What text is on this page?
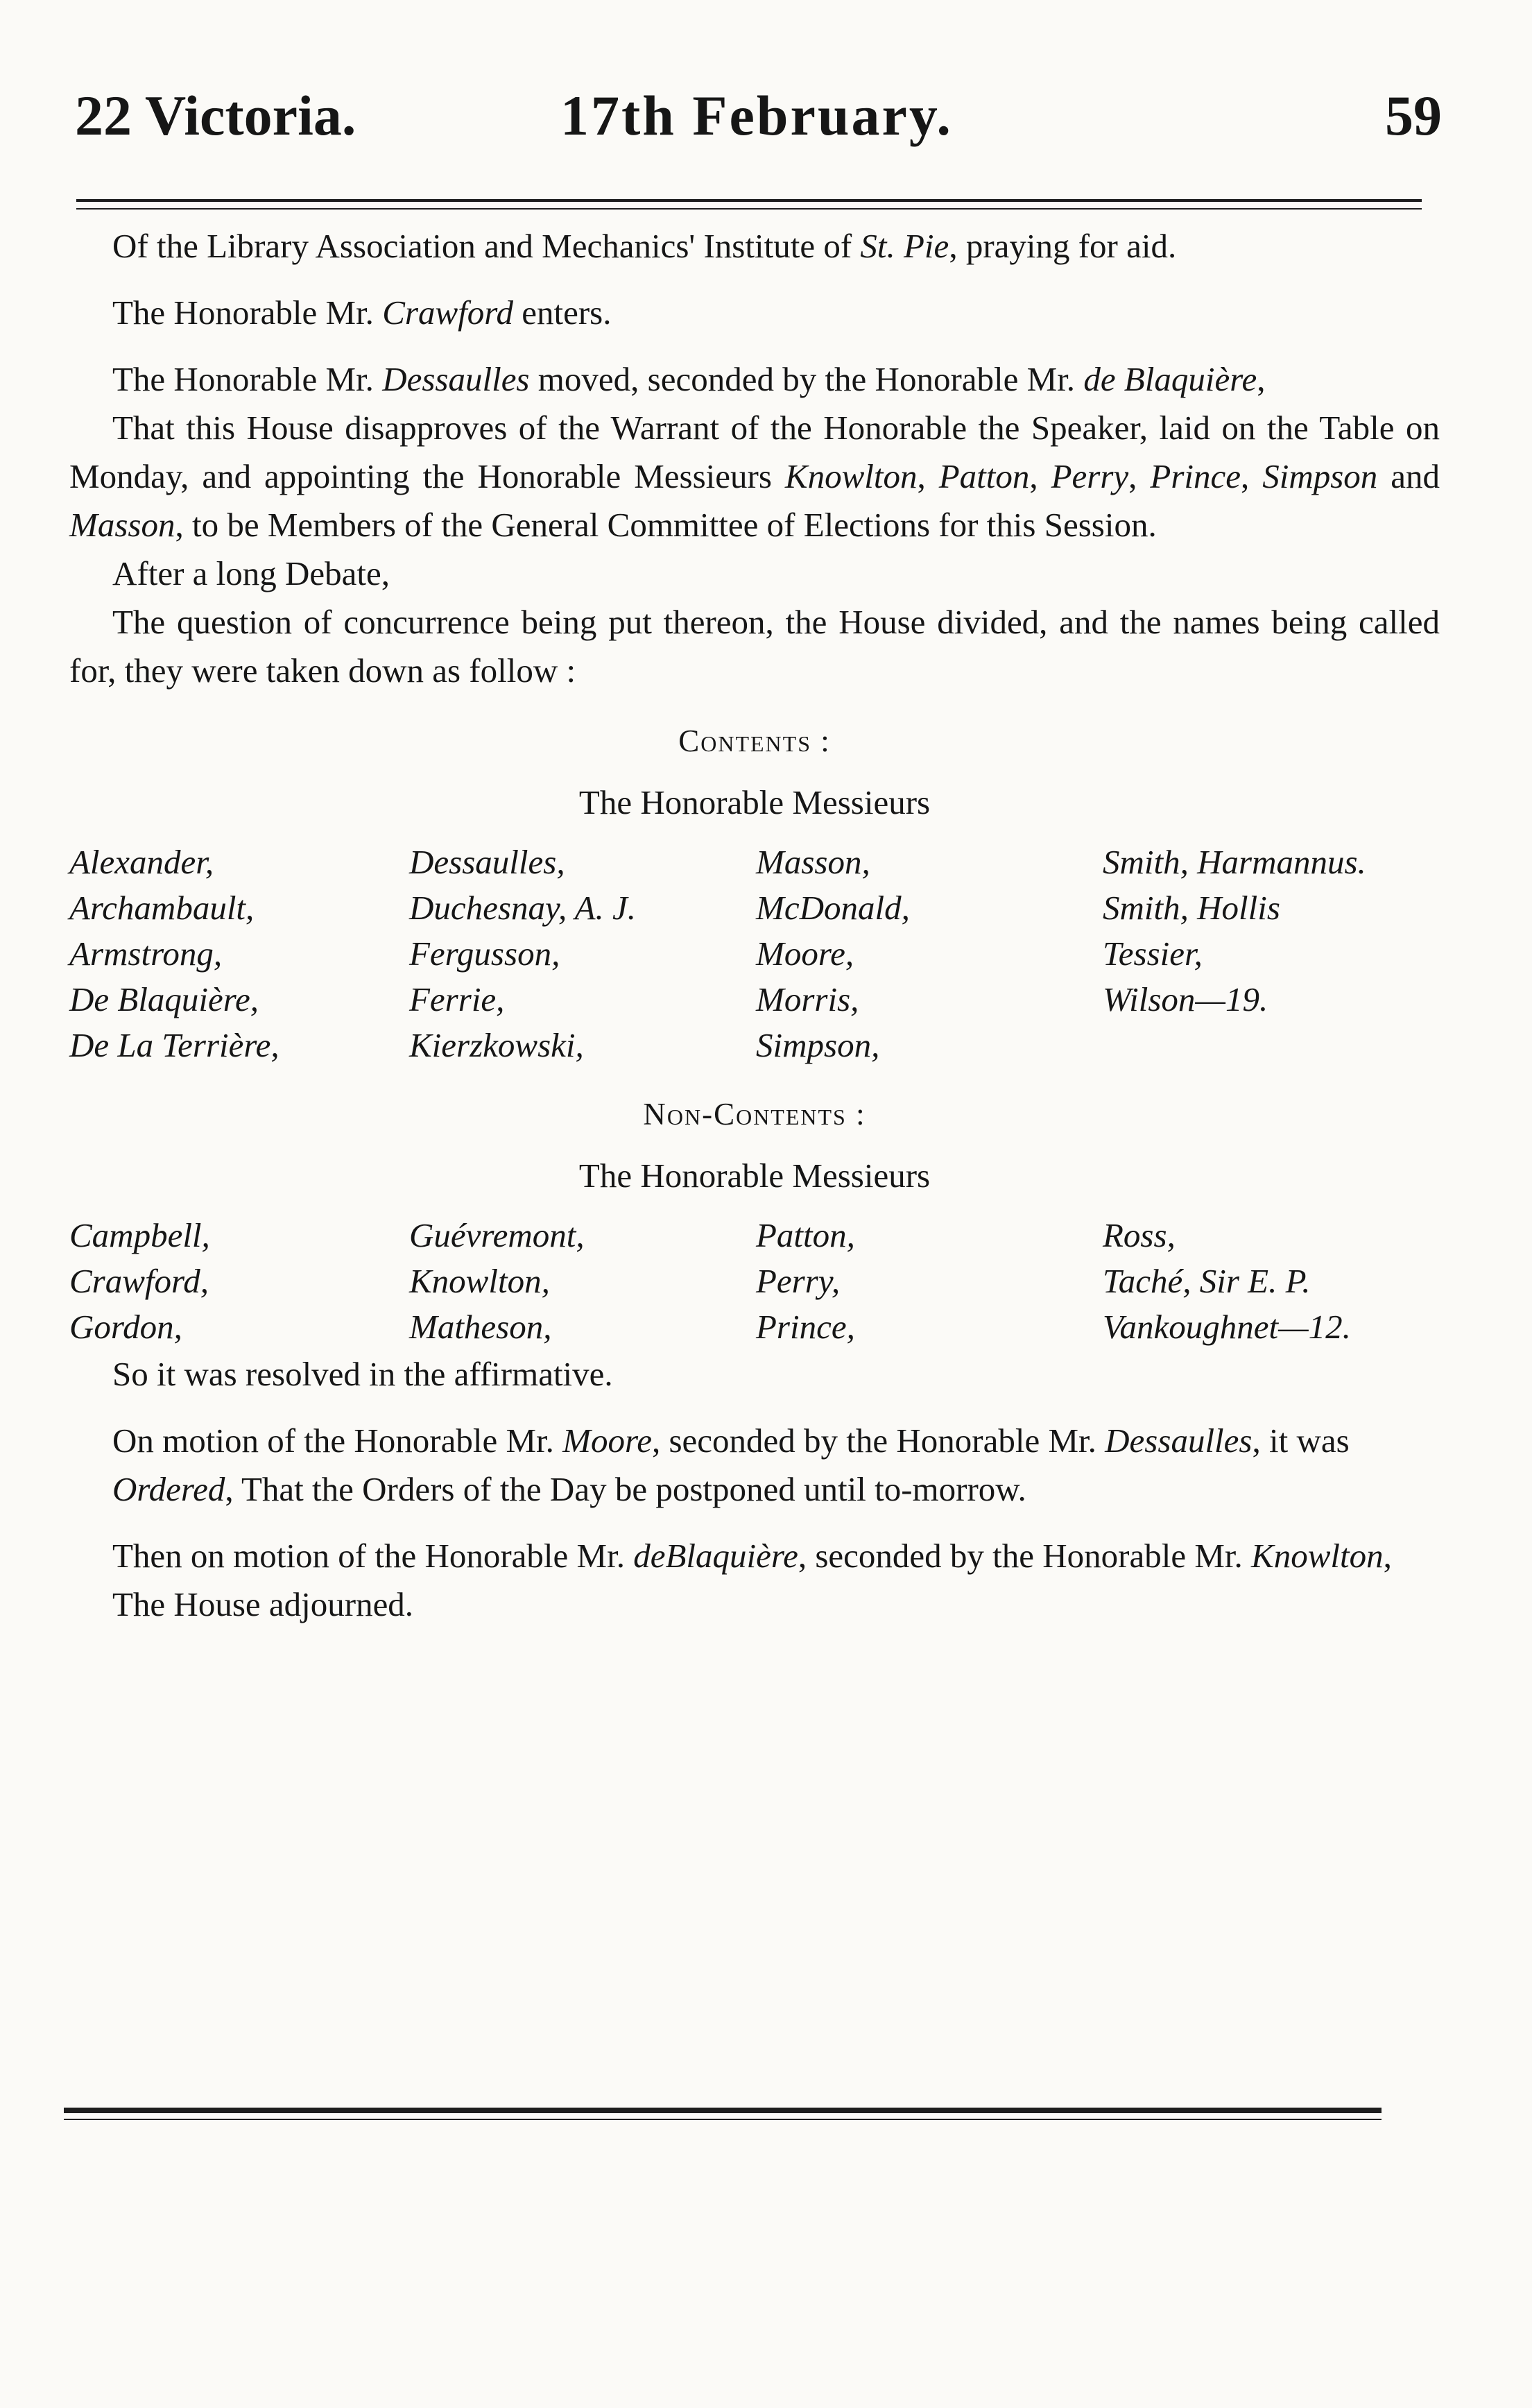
22 Victoria.	17th February.	59

Of the Library Association and Mechanics' Institute of St. Pie, praying for aid.

The Honorable Mr. Crawford enters.

The Honorable Mr. Dessaulles moved, seconded by the Honorable Mr. de Blaquière,

That this House disapproves of the Warrant of the Honorable the Speaker, laid on the Table on Monday, and appointing the Honorable Messieurs Knowlton, Patton, Perry, Prince, Simpson and Masson, to be Members of the General Committee of Elections for this Session.

After a long Debate,

The question of concurrence being put thereon, the House divided, and the names being called for, they were taken down as follow :

Contents :
The Honorable Messieurs
Alexander,	Dessaulles,	Masson,	Smith, Harmannus.
Archambault,	Duchesnay, A. J.	McDonald,	Smith, Hollis
Armstrong,	Fergusson,	Moore,	Tessier,
De Blaquière,	Ferrie,	Morris,	Wilson—19.
De La Terrière,	Kierzkowski,	Simpson,
Non-Contents :
The Honorable Messieurs
Campbell,	Guévremont,	Patton,	Ross,
Crawford,	Knowlton,	Perry,	Taché, Sir E. P.
Gordon,	Matheson,	Prince,	Vankoughnet—12.

So it was resolved in the affirmative.

On motion of the Honorable Mr. Moore, seconded by the Honorable Mr. Dessaulles, it was

Ordered, That the Orders of the Day be postponed until to-morrow.

Then on motion of the Honorable Mr. deBlaquière, seconded by the Honorable Mr. Knowlton,

The House adjourned.
